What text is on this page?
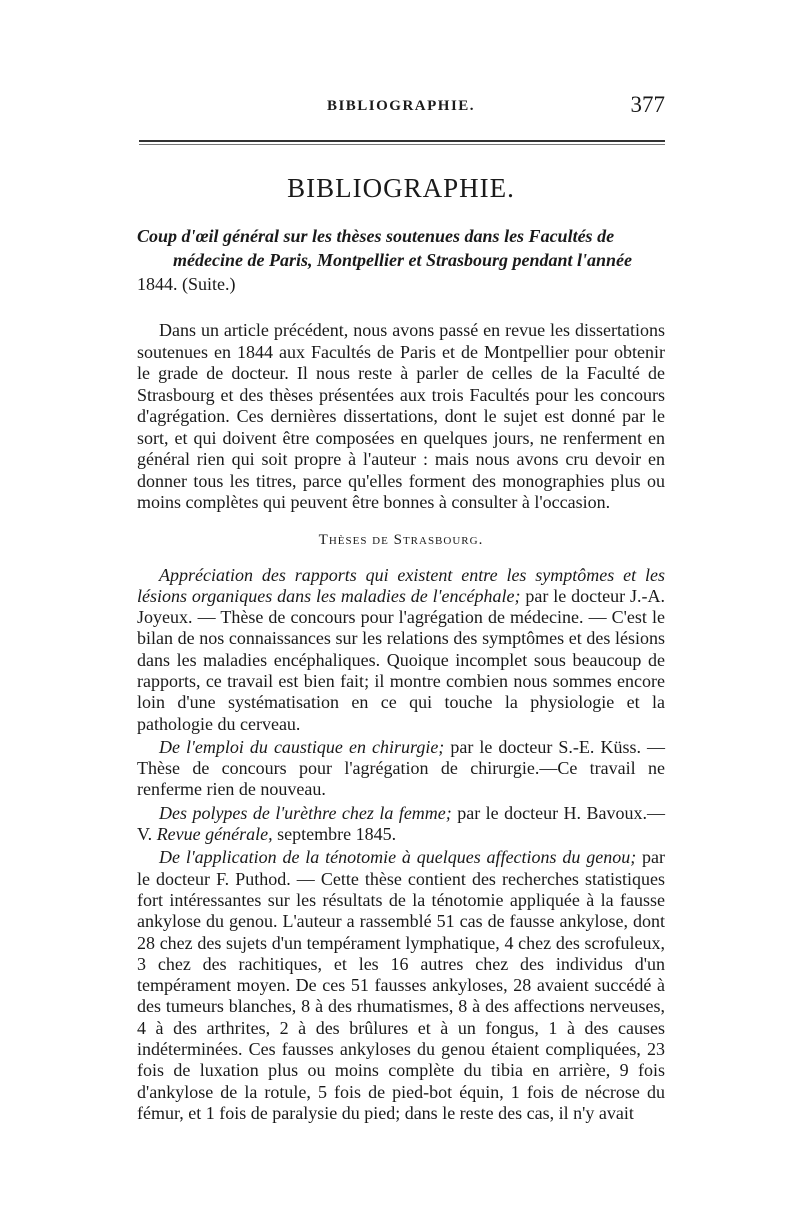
BIBLIOGRAPHIE.	377
BIBLIOGRAPHIE.

Coup d'œil général sur les thèses soutenues dans les Facultés de
médecine de Paris, Montpellier et Strasbourg pendant l'année
1844. (Suite.)

Dans un article précédent, nous avons passé en revue les dissertations soutenues en 1844 aux Facultés de Paris et de Montpellier pour obtenir le grade de docteur. Il nous reste à parler de celles de la Faculté de Strasbourg et des thèses présentées aux trois Facultés pour les concours d'agrégation. Ces dernières dissertations, dont le sujet est donné par le sort, et qui doivent être composées en quelques jours, ne renferment en général rien qui soit propre à l'auteur : mais nous avons cru devoir en donner tous les titres, parce qu'elles forment des monographies plus ou moins complètes qui peuvent être bonnes à consulter à l'occasion.

Thèses de Strasbourg.

Appréciation des rapports qui existent entre les symptômes et les lésions organiques dans les maladies de l'encéphale; par le docteur J.-A. Joyeux. — Thèse de concours pour l'agrégation de médecine. — C'est le bilan de nos connaissances sur les relations des symptômes et des lésions dans les maladies encéphaliques. Quoique incomplet sous beaucoup de rapports, ce travail est bien fait; il montre combien nous sommes encore loin d'une systématisation en ce qui touche la physiologie et la pathologie du cerveau.

De l'emploi du caustique en chirurgie; par le docteur S.-E. Küss. — Thèse de concours pour l'agrégation de chirurgie.—Ce travail ne renferme rien de nouveau.

Des polypes de l'urèthre chez la femme; par le docteur H. Bavoux.—V. Revue générale, septembre 1845.

De l'application de la ténotomie à quelques affections du genou; par le docteur F. Puthod. — Cette thèse contient des recherches statistiques fort intéressantes sur les résultats de la ténotomie appliquée à la fausse ankylose du genou. L'auteur a rassemblé 51 cas de fausse ankylose, dont 28 chez des sujets d'un tempérament lymphatique, 4 chez des scrofuleux, 3 chez des rachitiques, et les 16 autres chez des individus d'un tempérament moyen. De ces 51 fausses ankyloses, 28 avaient succédé à des tumeurs blanches, 8 à des rhumatismes, 8 à des affections nerveuses, 4 à des arthrites, 2 à des brûlures et à un fongus, 1 à des causes indéterminées. Ces fausses ankyloses du genou étaient compliquées, 23 fois de luxation plus ou moins complète du tibia en arrière, 9 fois d'ankylose de la rotule, 5 fois de pied-bot équin, 1 fois de nécrose du fémur, et 1 fois de paralysie du pied; dans le reste des cas, il n'y avait
